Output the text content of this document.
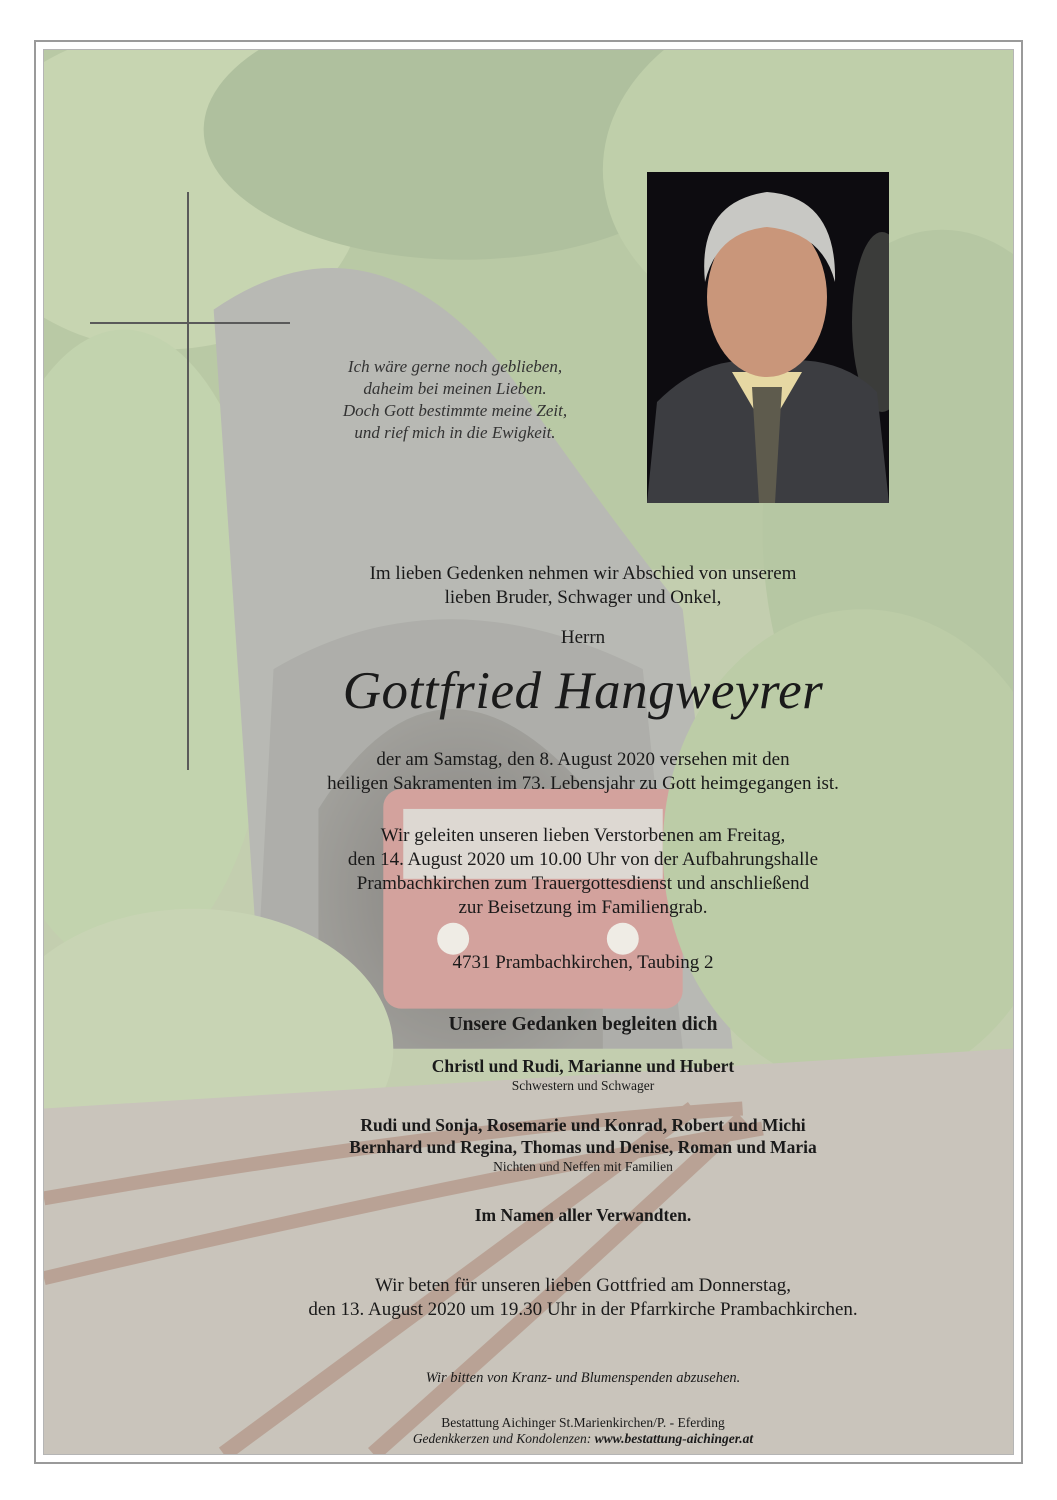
Ich wäre gerne noch geblieben,
daheim bei meinen Lieben.
Doch Gott bestimmte meine Zeit,
und rief mich in die Ewigkeit.
Im lieben Gedenken nehmen wir Abschied von unserem
lieben Bruder, Schwager und Onkel,
Herrn
Gottfried Hangweyrer
der am Samstag, den 8. August 2020 versehen mit den
heiligen Sakramenten im 73. Lebensjahr zu Gott heimgegangen ist.
Wir geleiten unseren lieben Verstorbenen am Freitag,
den 14. August 2020 um 10.00 Uhr von der Aufbahrungshalle
Prambachkirchen zum Trauergottesdienst und anschließend
zur Beisetzung im Familiengrab.
4731 Prambachkirchen, Taubing 2
Unsere Gedanken begleiten dich
Christl und Rudi, Marianne und Hubert
Schwestern und Schwager
Rudi und Sonja, Rosemarie und Konrad, Robert und Michi
Bernhard und Regina, Thomas und Denise, Roman und Maria
Nichten und Neffen mit Familien
Im Namen aller Verwandten.
Wir beten für unseren lieben Gottfried am Donnerstag,
den 13. August 2020 um 19.30 Uhr in der Pfarrkirche Prambachkirchen.
Wir bitten von Kranz- und Blumenspenden abzusehen.
Bestattung Aichinger St.Marienkirchen/P. - Eferding
Gedenkkerzen und Kondolenzen: www.bestattung-aichinger.at
